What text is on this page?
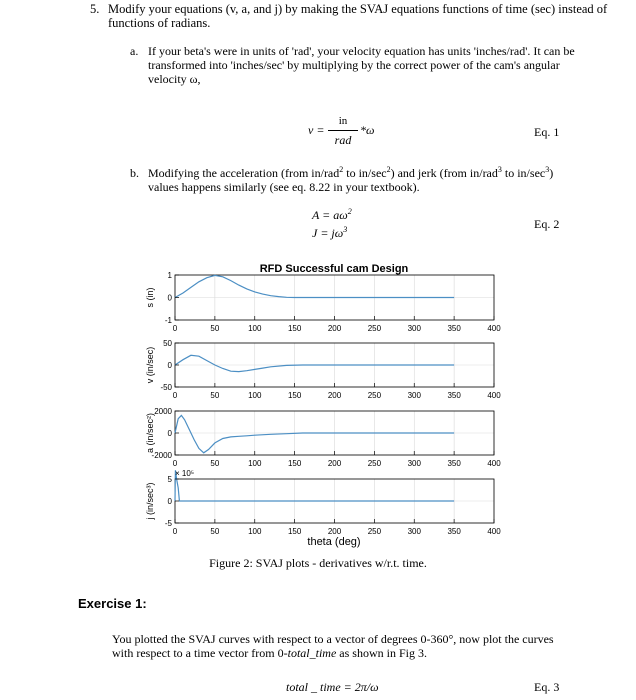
5. Modify your equations (v, a, and j) by making the SVAJ equations functions of time (sec) instead of functions of radians.
a. If your beta's were in units of 'rad', your velocity equation has units 'inches/rad'. It can be transformed into 'inches/sec' by multiplying by the correct power of the cam's angular velocity ω,
v =
in
rad
*ω	Eq. 1
b. Modifying the acceleration (from in/rad$^2$ to $in/\sec^2$) and jerk (from in/rad$^3$ to $in/\sec^3$) values happens similarly (see eq. 8.22 in your textbook).
$A = a\omega^2$
$J = j\omega^3$	Eq. 2
RFD Successful cam Design
theta (deg)
1
0
-1
0	50	100	150	200	250	300	350	400
s (in)
50
0
-50
0	50	100	150	200	250	300	350	400
v (in/sec)
2000
0
-2000
0	50	100	150	200	250	300	350	400
a (in/sec²)
5
0
-5
0	50	100	150	200	250	300	350	400
j (in/sec³)
× 10⁵
Figure 2: SVAJ plots - derivatives w/r.t. time.
Exercise 1:
You plotted the SVAJ curves with respect to a vector of degrees 0-360°, now plot the curves with respect to a time vector from 0-total_time as shown in Fig 3.
total _ time = 2π/ω	Eq. 3
